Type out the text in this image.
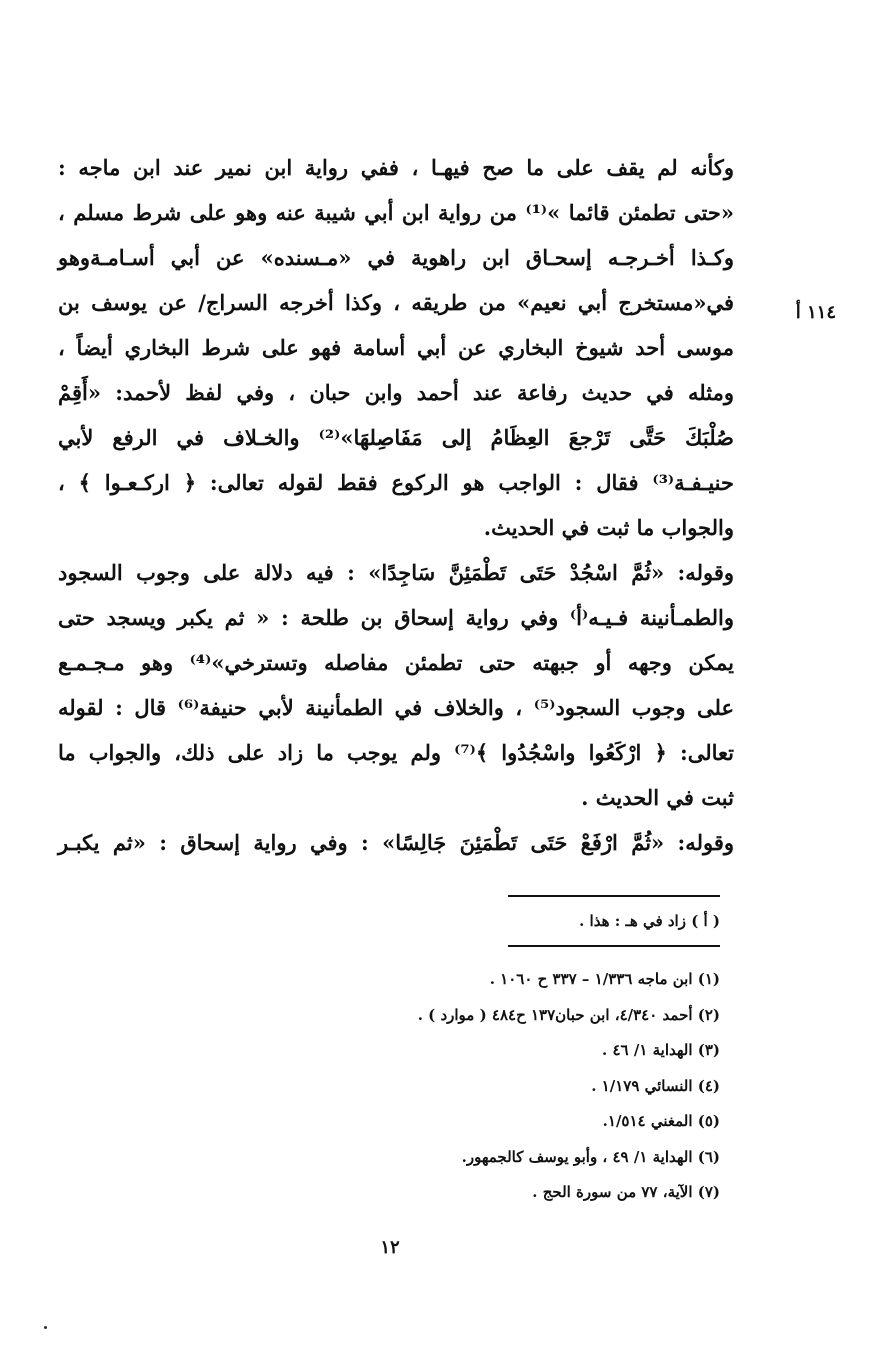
١١٤ أ
وكأنه لم يقف على ما صح فيهـا ، ففي رواية ابن نمير عند ابن ماجه :
«حتى تطمئن قائما »⁽¹⁾ من رواية ابن أبي شيبة عنه وهو على شرط مسلم ،
وكـذا أخـرجـه إسحـاق ابن راهوية في «مـسنده» عن أبي أسـامـةوهو
في«مستخرج أبي نعيم» من طريقه ، وكذا أخرجه السراج/ عن يوسف بن
موسى أحد شيوخ البخاري عن أبي أسامة فهو على شرط البخاري أيضاً ،
ومثله في حديث رفاعة عند أحمد وابن حبان ، وفي لفظ لأحمد: «أَقِمْ
صُلْبَكَ حَتَّى تَرْجعَ العِظَامُ إلى مَفَاصِلهَا»⁽²⁾ والخـلاف في الرفع لأبي
حنيـفـة⁽³⁾ فقال : الواجب هو الركوع فقط لقوله تعالى: ﴿ اركـعـوا ﴾ ،
والجواب ما ثبت في الحديث.
وقوله: «ثُمَّ اسْجُدْ حَتَى تَطْمَئِنَّ سَاجِدًا» : فيه دلالة على وجوب السجود
والطمـأنينة فـيـه⁽أ⁾ وفي رواية إسحاق بن طلحة : « ثم يكبر ويسجد حتى
يمكن وجهه أو جبهته حتى تطمئن مفاصله وتسترخي»⁽⁴⁾ وهو مـجـمـع
على وجوب السجود⁽⁵⁾ ، والخلاف في الطمأنينة لأبي حنيفة⁽⁶⁾ قال : لقوله
تعالى: ﴿ ارْكَعُوا واسْجُدُوا ﴾⁽⁷⁾ ولم يوجب ما زاد على ذلك، والجواب ما
ثبت في الحديث .
وقوله: «ثُمَّ ارْفَعْ حَتَى تَطْمَئِنَ جَالِسًا» : وفي رواية إسحاق : «ثم يكبـر
( أ ) زاد في هـ : هذا .
(١) ابن ماجه ١/٣٣٦ – ٣٣٧ ح ١٠٦٠ .
(٢) أحمد ٤/٣٤٠، ابن حبان١٣٧ ح٤٨٤ ( موارد ) .
(٣) الهداية ١/ ٤٦ .
(٤) النسائي ١/١٧٩ .
(٥) المغني ١/٥١٤.
(٦) الهداية ١/ ٤٩ ، وأبو يوسف كالجمهور.
(٧) الآية، ٧٧ من سورة الحج .
١٢
